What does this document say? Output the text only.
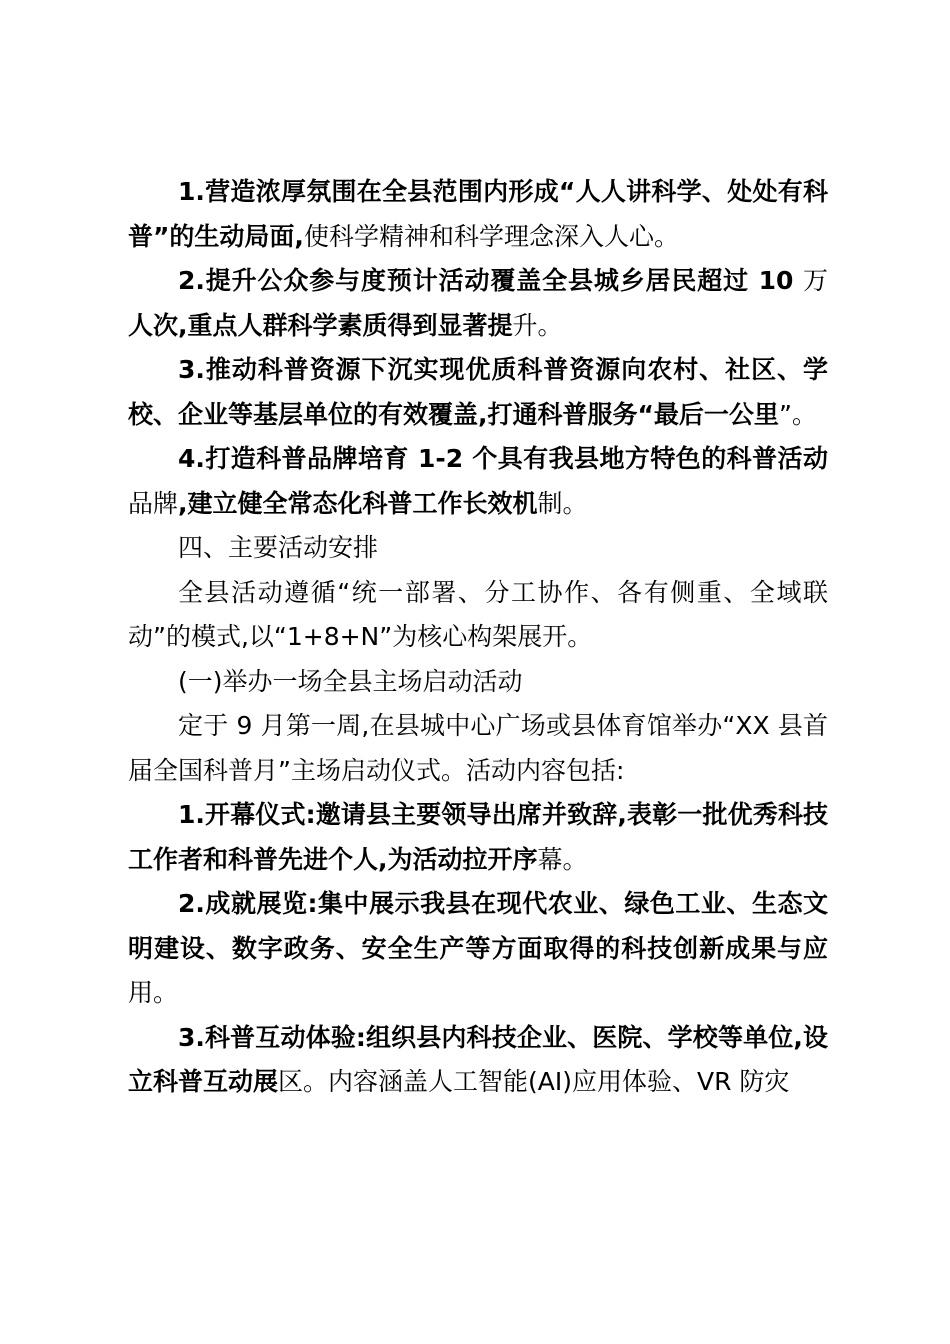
1.营造浓厚氛围在全县范围内形成“人人讲科学、处处有科普”的生动局面,使科学精神和科学理念深入人心。

2.提升公众参与度预计活动覆盖全县城乡居民超过 10 万人次,重点人群科学素质得到显著提升。

3.推动科普资源下沉实现优质科普资源向农村、社区、学校、企业等基层单位的有效覆盖,打通科普服务“最后一公里”。

4.打造科普品牌培育 1-2 个具有我县地方特色的科普活动品牌,建立健全常态化科普工作长效机制。

四、主要活动安排

全县活动遵循“统一部署、分工协作、各有侧重、全域联动”的模式,以“1+8+N”为核心构架展开。

(一)举办一场全县主场启动活动

定于 9 月第一周,在县城中心广场或县体育馆举办“XX 县首届全国科普月”主场启动仪式。活动内容包括:

1.开幕仪式:邀请县主要领导出席并致辞,表彰一批优秀科技工作者和科普先进个人,为活动拉开序幕。

2.成就展览:集中展示我县在现代农业、绿色工业、生态文明建设、数字政务、安全生产等方面取得的科技创新成果与应用。

3.科普互动体验:组织县内科技企业、医院、学校等单位,设立科普互动展区。内容涵盖人工智能(AI)应用体验、VR 防灾
